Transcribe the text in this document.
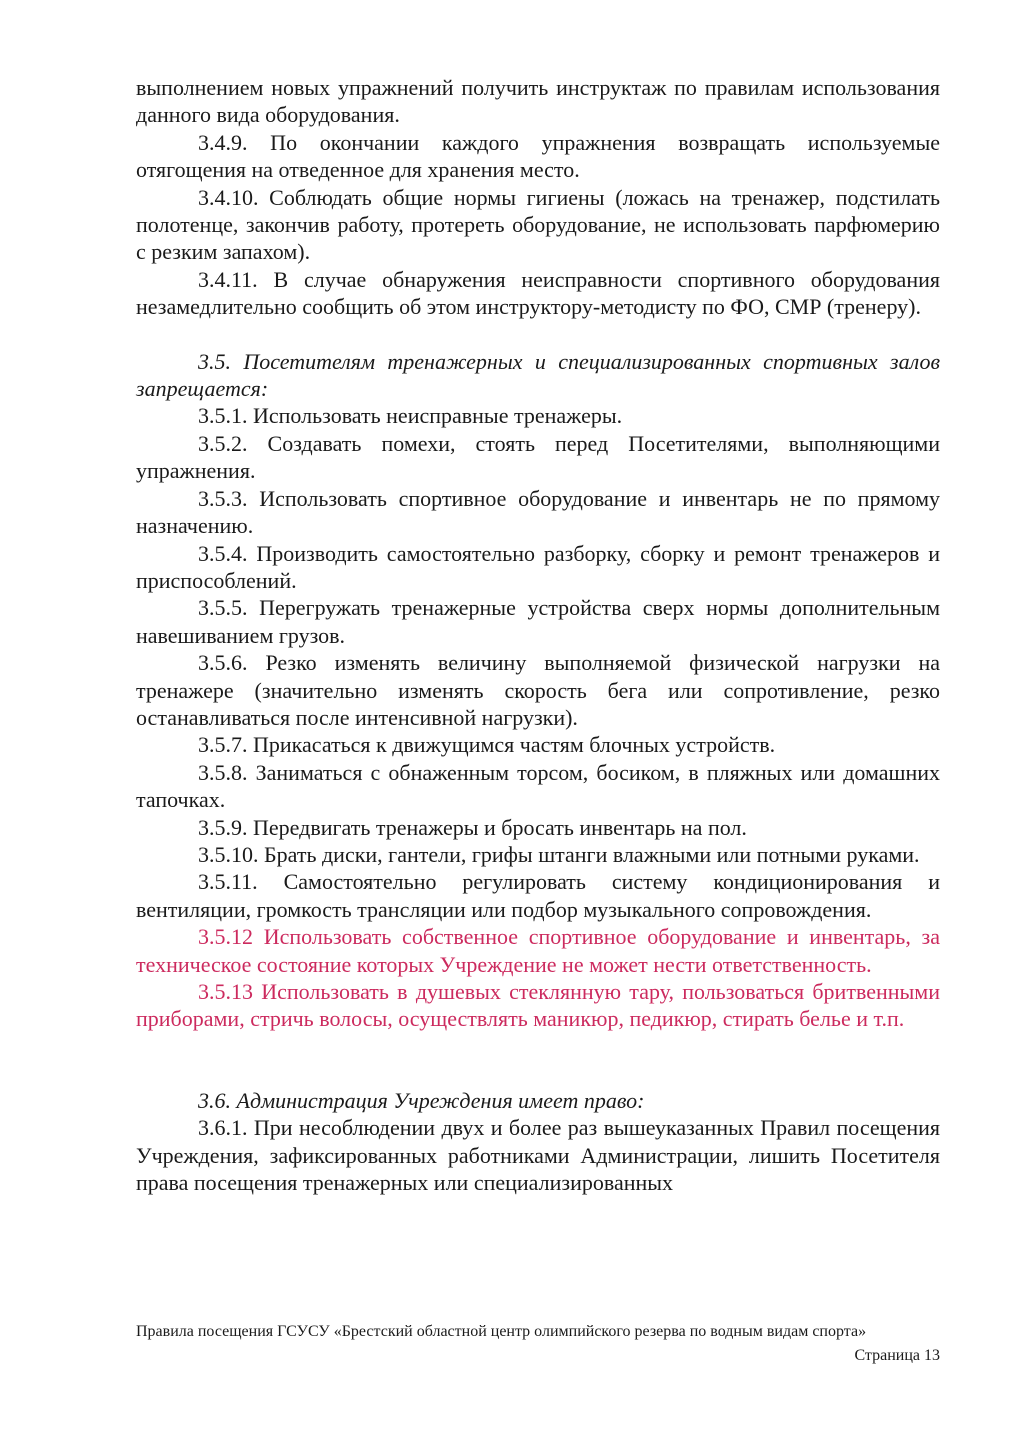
выполнением новых упражнений получить инструктаж по правилам использования данного вида оборудования.

3.4.9. По окончании каждого упражнения возвращать используемые отягощения на отведенное для хранения место.

3.4.10. Соблюдать общие нормы гигиены (ложась на тренажер, подстилать полотенце, закончив работу, протереть оборудование, не использовать парфюмерию с резким запахом).

3.4.11. В случае обнаружения неисправности спортивного оборудования незамедлительно сообщить об этом инструктору-методисту по ФО, СМР (тренеру).

3.5. Посетителям тренажерных и специализированных спортивных залов запрещается:

3.5.1. Использовать неисправные тренажеры.

3.5.2. Создавать помехи, стоять перед Посетителями, выполняющими упражнения.

3.5.3. Использовать спортивное оборудование и инвентарь не по прямому назначению.

3.5.4. Производить самостоятельно разборку, сборку и ремонт тренажеров и приспособлений.

3.5.5. Перегружать тренажерные устройства сверх нормы дополнительным навешиванием грузов.

3.5.6. Резко изменять величину выполняемой физической нагрузки на тренажере (значительно изменять скорость бега или сопротивление, резко останавливаться после интенсивной нагрузки).

3.5.7. Прикасаться к движущимся частям блочных устройств.

3.5.8. Заниматься с обнаженным торсом, босиком, в пляжных или домашних тапочках.

3.5.9. Передвигать тренажеры и бросать инвентарь на пол.

3.5.10. Брать диски, гантели, грифы штанги влажными или потными руками.

3.5.11. Самостоятельно регулировать систему кондиционирования и вентиляции, громкость трансляции или подбор музыкального сопровождения.

3.5.12 Использовать собственное спортивное оборудование и инвентарь, за техническое состояние которых Учреждение не может нести ответственность.

3.5.13 Использовать в душевых стеклянную тару, пользоваться бритвенными приборами, стричь волосы, осуществлять маникюр, педикюр, стирать белье и т.п.

3.6. Администрация Учреждения имеет право:

3.6.1. При несоблюдении двух и более раз вышеуказанных Правил посещения Учреждения, зафиксированных работниками Администрации, лишить Посетителя права посещения тренажерных или специализированных

Правила посещения ГСУСУ «Брестский областной центр олимпийского резерва по водным видам спорта»
Страница 13
